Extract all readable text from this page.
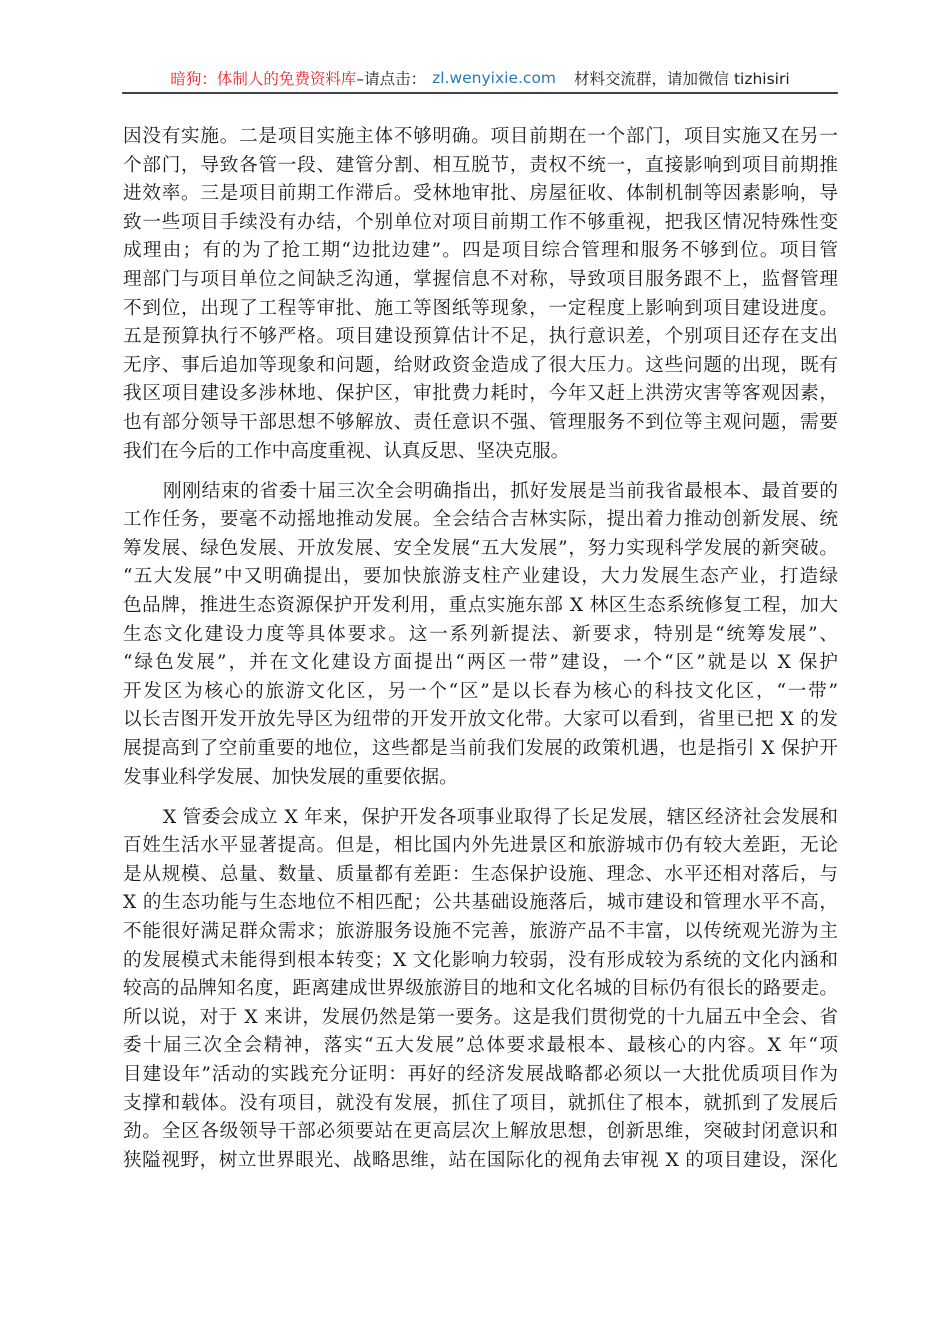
暗狗：体制人的免费资料库 –请点击： zl.wenyixie.com 材料交流群，请加微信 tizhisiri
因没有实施。二是项目实施主体不够明确。项目前期在一个部门，项目实施又在另一
个部门，导致各管一段、建管分割、相互脱节，责权不统一，直接影响到项目前期推
进效率。三是项目前期工作滞后。受林地审批、房屋征收、体制机制等因素影响，导
致一些项目手续没有办结，个别单位对项目前期工作不够重视，把我区情况特殊性变
成理由；有的为了抢工期“边批边建”。四是项目综合管理和服务不够到位。项目管
理部门与项目单位之间缺乏沟通，掌握信息不对称，导致项目服务跟不上，监督管理
不到位，出现了工程等审批、施工等图纸等现象，一定程度上影响到项目建设进度。
五是预算执行不够严格。项目建设预算估计不足，执行意识差，个别项目还存在支出
无序、事后追加等现象和问题，给财政资金造成了很大压力。这些问题的出现，既有
我区项目建设多涉林地、保护区，审批费力耗时，今年又赶上洪涝灾害等客观因素，
也有部分领导干部思想不够解放、责任意识不强、管理服务不到位等主观问题，需要
我们在今后的工作中高度重视、认真反思、坚决克服。
刚刚结束的省委十届三次全会明确指出，抓好发展是当前我省最根本、最首要的
工作任务，要毫不动摇地推动发展。全会结合吉林实际，提出着力推动创新发展、统
筹发展、绿色发展、开放发展、安全发展“五大发展”，努力实现科学发展的新突破。
“五大发展”中又明确提出，要加快旅游支柱产业建设，大力发展生态产业，打造绿
色品牌，推进生态资源保护开发利用，重点实施东部 X 林区生态系统修复工程，加大
生态文化建设力度等具体要求。这一系列新提法、新要求，特别是“统筹发展”、
“绿色发展”，并在文化建设方面提出“两区一带”建设，一个“区”就是以 X 保护
开发区为核心的旅游文化区，另一个“区”是以长春为核心的科技文化区，“一带”
以长吉图开发开放先导区为纽带的开发开放文化带。大家可以看到，省里已把 X 的发
展提高到了空前重要的地位，这些都是当前我们发展的政策机遇，也是指引 X 保护开
发事业科学发展、加快发展的重要依据。
X 管委会成立 X 年来，保护开发各项事业取得了长足发展，辖区经济社会发展和
百姓生活水平显著提高。但是，相比国内外先进景区和旅游城市仍有较大差距，无论
是从规模、总量、数量、质量都有差距：生态保护设施、理念、水平还相对落后，与
X 的生态功能与生态地位不相匹配；公共基础设施落后，城市建设和管理水平不高，
不能很好满足群众需求；旅游服务设施不完善，旅游产品不丰富，以传统观光游为主
的发展模式未能得到根本转变；X 文化影响力较弱，没有形成较为系统的文化内涵和
较高的品牌知名度，距离建成世界级旅游目的地和文化名城的目标仍有很长的路要走。
所以说，对于 X 来讲，发展仍然是第一要务。这是我们贯彻党的十九届五中全会、省
委十届三次全会精神，落实“五大发展”总体要求最根本、最核心的内容。X 年“项
目建设年”活动的实践充分证明：再好的经济发展战略都必须以一大批优质项目作为
支撑和载体。没有项目，就没有发展，抓住了项目，就抓住了根本，就抓到了发展后
劲。全区各级领导干部必须要站在更高层次上解放思想，创新思维，突破封闭意识和
狭隘视野，树立世界眼光、战略思维，站在国际化的视角去审视 X 的项目建设，深化
